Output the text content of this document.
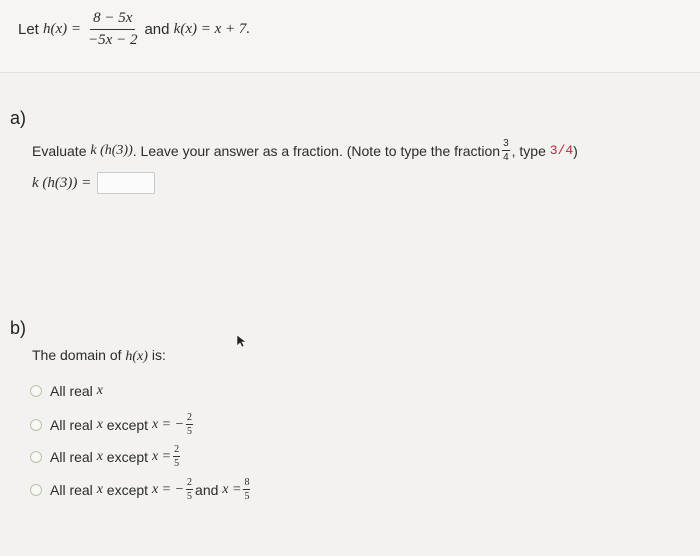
Let
$h(x) = \frac{8 - 5x}{-5x - 2}$ and
k(x) = x + 7.
a)
Evaluate
k (h(3)) . Leave your answer as a fraction. (Note to type the fraction $\frac{3}{4}$ , type
3/4 )
k (h(3)) =
b)
The domain of h(x) is:
All real
x
All real
x
except
x = − $\frac{2}{5}$
All real
x
except
$x = \frac{2}{5}$
All real
x
except
x = − $\frac{2}{5}$ and
$x = \frac{8}{5}$
